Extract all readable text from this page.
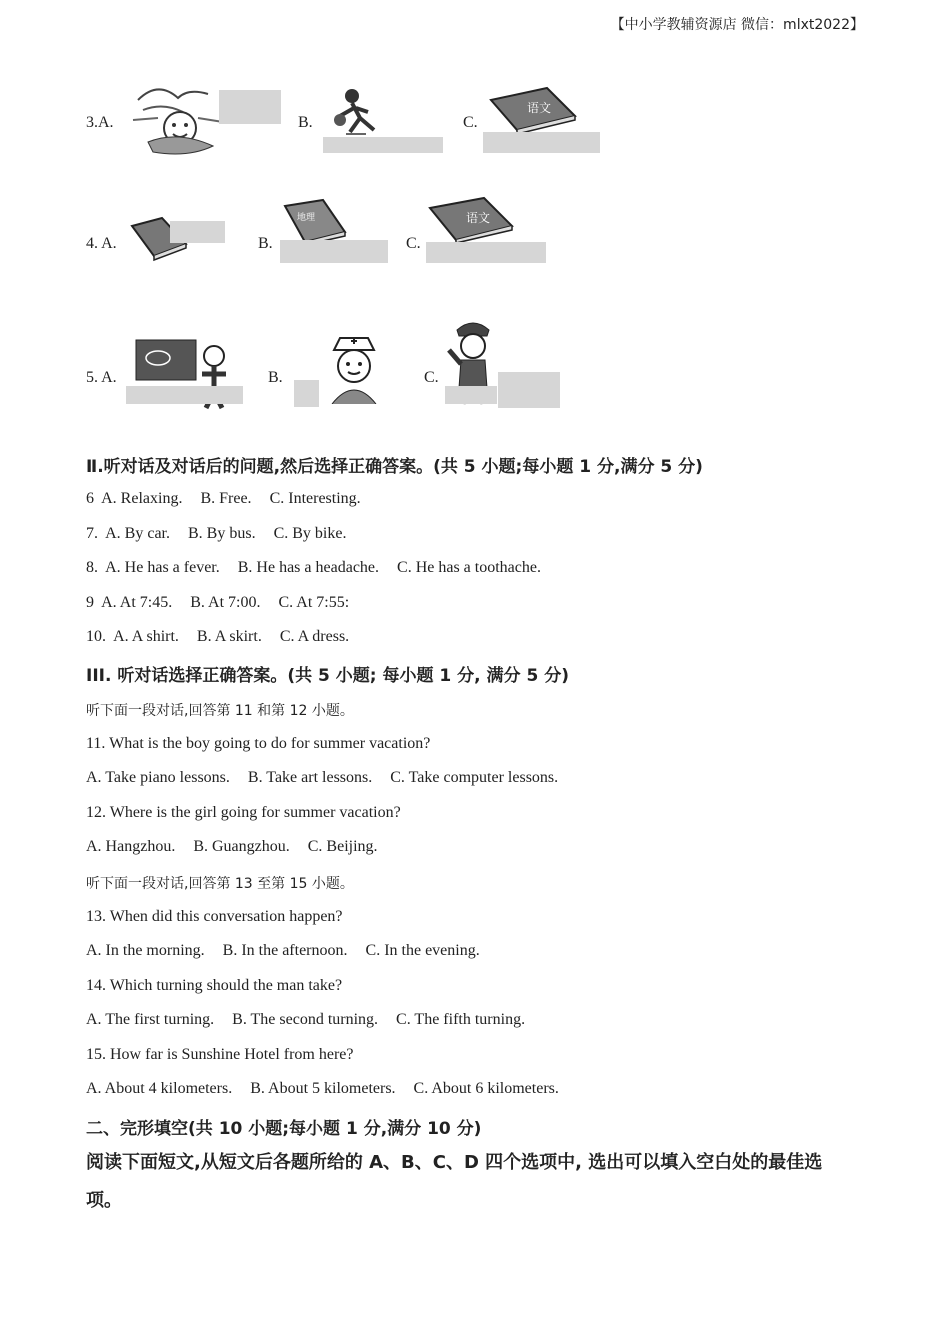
【中小学教辅资源店 微信：mlxt2022】
3.A.	B.	C.
语文
4. A.	B.
地理
C.
语文
5. A.	B.	C.
Ⅱ.听对话及对话后的问题,然后选择正确答案。(共 5 小题;每小题 1 分,满分 5 分)
6 A. Relaxing. B. Free. C. Interesting.
7. A. By car. B. By bus. C. By bike.
8. A. He has a fever. B. He has a headache. C. He has a toothache.
9 A. At 7:45. B. At 7:00. C. At 7:55:
10. A. A shirt. B. A skirt. C. A dress.
III. 听对话选择正确答案。(共 5 小题; 每小题 1 分, 满分 5 分)
听下面一段对话,回答第 11 和第 12 小题。
11. What is the boy going to do for summer vacation?
A. Take piano lessons. B. Take art lessons. C. Take computer lessons.
12. Where is the girl going for summer vacation?
A. Hangzhou. B. Guangzhou. C. Beijing.
听下面一段对话,回答第 13 至第 15 小题。
13. When did this conversation happen?
A. In the morning. B. In the afternoon. C. In the evening.
14. Which turning should the man take?
A. The first turning. B. The second turning. C. The fifth turning.
15. How far is Sunshine Hotel from here?
A. About 4 kilometers. B. About 5 kilometers. C. About 6 kilometers.
二、完形填空(共 10 小题;每小题 1 分,满分 10 分)
阅读下面短文,从短文后各题所给的 A、B、C、D 四个选项中, 选出可以填入空白处的最佳选项。
